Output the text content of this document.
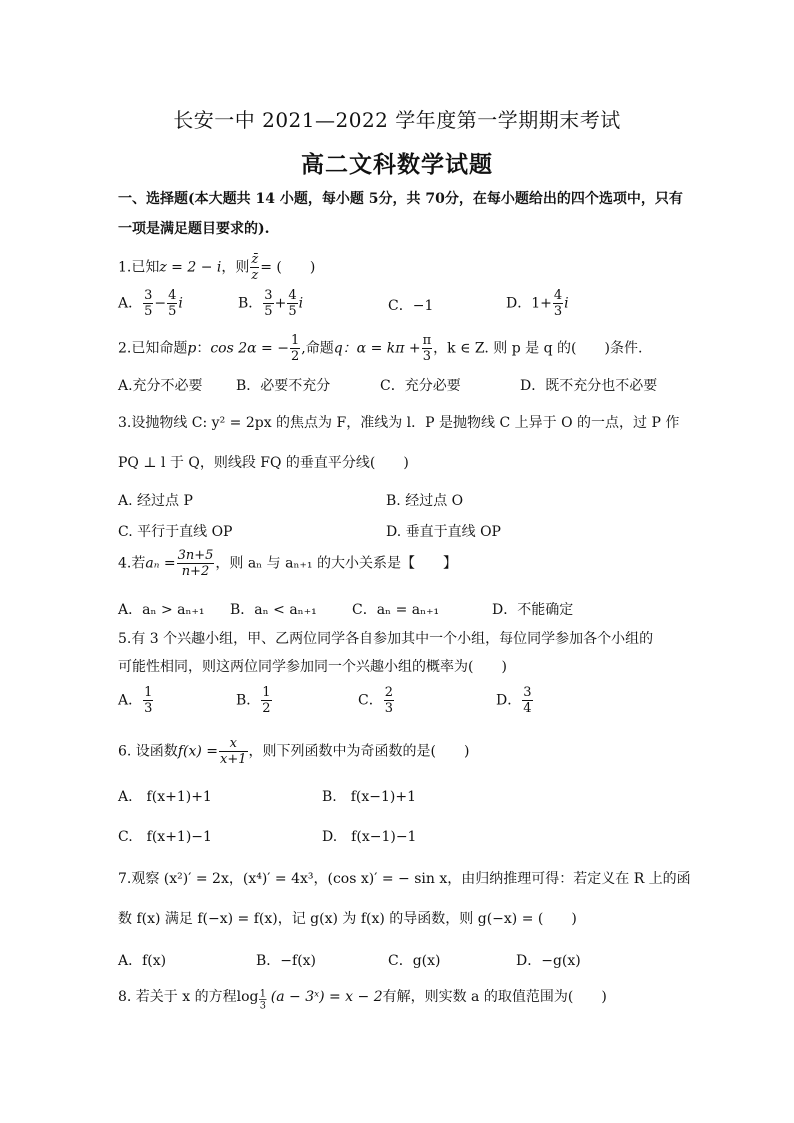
长安一中 2021—2022 学年度第一学期期末考试
高二文科数学试题
一、选择题(本大题共 14 小题，每小题 5分，共 70分，在每小题给出的四个选项中，只有
一项是满足题目要求的).
1.已知z = 2 − i，则 $\frac{z̄}{z}$ = (　　)
A． $\frac{3}{5} - \frac{4}{5}$ i	B． $\frac{3}{5} + \frac{4}{5}$ i	C．−1	D．$1+ \frac{4}{3}$ i
2.已知命题p：cos 2α = − $\frac{1}{2}$ ,命题q：$\alpha = k\pi + \frac{\pi}{3}$ ，k ∈ Z. 则 p 是 q 的(　　)条件.
A.充分不必要 B．必要不充分	C．充分必要	D．既不充分也不必要
3.设抛物线 C: y² = 2px 的焦点为 F，准线为 l．P 是抛物线 C 上异于 O 的一点，过 P 作
PQ ⊥ l 于 Q，则线段 FQ 的垂直平分线(　　)
A. 经过点 P	B. 经过点 O
C. 平行于直线 OP	D. 垂直于直线 OP
4.若$a_n = \frac{3n+5}{n+2}$ ，则 aₙ 与 aₙ₊₁ 的大小关系是【　　】
A．aₙ > aₙ₊₁ B．aₙ < aₙ₊₁	C．aₙ = aₙ₊₁	D．不能确定
5.有 3 个兴趣小组，甲、乙两位同学各自参加其中一个小组，每位同学参加各个小组的
可能性相同，则这两位同学参加同一个兴趣小组的概率为(　　)
A． $\frac{1}{3}$	B． $\frac{1}{2}$	C． $\frac{2}{3}$	D． $\frac{3}{4}$
6. 设函数$f(x) = \frac{x}{x+1}$ ，则下列函数中为奇函数的是(　　)
A.　f(x+1)+1	B.　f(x−1)+1
C.　f(x+1)−1	D.　f(x−1)−1
7.观察 (x²)′ = 2x，(x⁴)′ = 4x³，(cos x)′ = − sin x，由归纳推理可得：若定义在 R 上的函
数 f(x) 满足 f(−x) = f(x)，记 g(x) 为 f(x) 的导函数，则 g(−x) = (　　)
A．f(x)	B．−f(x)	C．g(x)	D．−g(x)
8. 若关于 x 的方程$\log \frac{1}{3} (a$ − 3ˣ) = x − 2有解，则实数 a 的取值范围为(　　)
